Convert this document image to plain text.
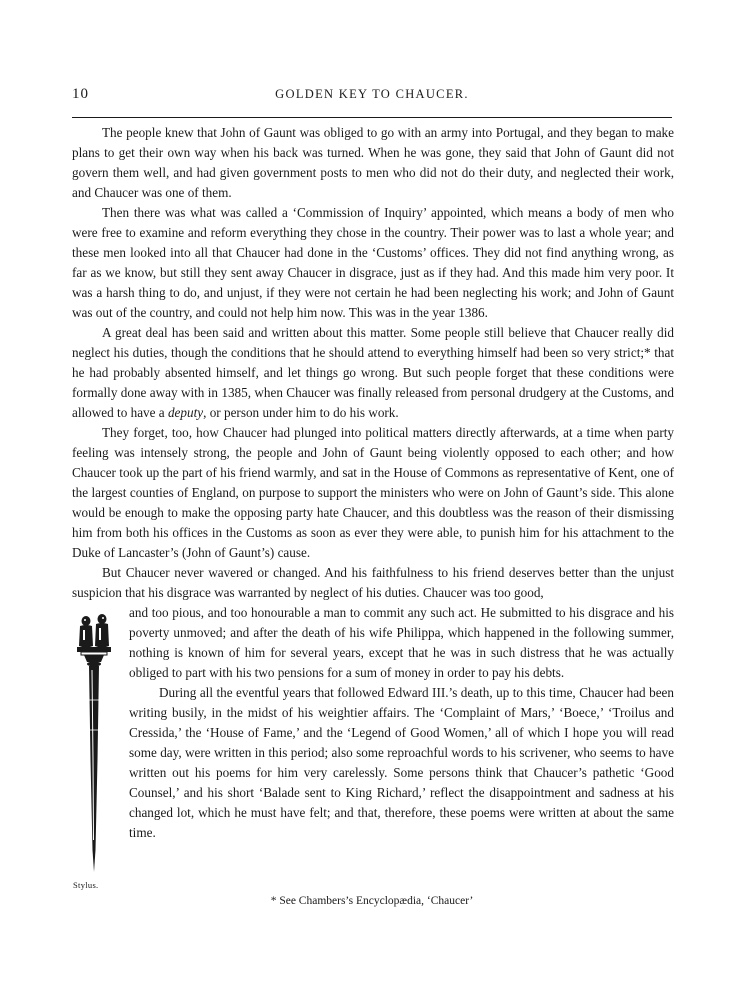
10	GOLDEN KEY TO CHAUCER.

The people knew that John of Gaunt was obliged to go with an army into Portugal, and they began to make plans to get their own way when his back was turned. When he was gone, they said that John of Gaunt did not govern them well, and had given government posts to men who did not do their duty, and neglected their work, and Chaucer was one of them.

Then there was what was called a ‘Commission of Inquiry’ appointed, which means a body of men who were free to examine and reform everything they chose in the country. Their power was to last a whole year; and these men looked into all that Chaucer had done in the ‘Customs’ offices. They did not find anything wrong, as far as we know, but still they sent away Chaucer in disgrace, just as if they had. And this made him very poor. It was a harsh thing to do, and unjust, if they were not certain he had been neglecting his work; and John of Gaunt was out of the country, and could not help him now. This was in the year 1386.

A great deal has been said and written about this matter. Some people still believe that Chaucer really did neglect his duties, though the conditions that he should attend to everything himself had been so very strict;* that he had probably absented himself, and let things go wrong. But such people forget that these conditions were formally done away with in 1385, when Chaucer was finally released from personal drudgery at the Customs, and allowed to have a deputy, or person under him to do his work.

They forget, too, how Chaucer had plunged into political matters directly afterwards, at a time when party feeling was intensely strong, the people and John of Gaunt being violently opposed to each other; and how Chaucer took up the part of his friend warmly, and sat in the House of Commons as representative of Kent, one of the largest counties of England, on purpose to support the ministers who were on John of Gaunt’s side. This alone would be enough to make the opposing party hate Chaucer, and this doubtless was the reason of their dismissing him from both his offices in the Customs as soon as ever they were able, to punish him for his attachment to the Duke of Lancaster’s (John of Gaunt’s) cause.

But Chaucer never wavered or changed. And his faithfulness to his friend deserves better than the unjust suspicion that his disgrace was warranted by neglect of his duties. Chaucer was too good,

Stylus.

and too pious, and too honourable a man to commit any such act. He submitted to his disgrace and his poverty unmoved; and after the death of his wife Philippa, which happened in the following summer, nothing is known of him for several years, except that he was in such distress that he was actually obliged to part with his two pensions for a sum of money in order to pay his debts.

During all the eventful years that followed Edward III.’s death, up to this time, Chaucer had been writing busily, in the midst of his weightier affairs. The ‘Complaint of Mars,’ ‘Boece,’ ‘Troilus and Cressida,’ the ‘House of Fame,’ and the ‘Legend of Good Women,’ all of which I hope you will read some day, were written in this period; also some reproachful words to his scrivener, who seems to have written out his poems for him very carelessly. Some persons think that Chaucer’s pathetic ‘Good Counsel,’ and his short ‘Balade sent to King Richard,’ reflect the disappointment and sadness at his changed lot, which he must have felt; and that, therefore, these poems were written at about the same time.

* See Chambers’s Encyclopædia, ‘Chaucer’
